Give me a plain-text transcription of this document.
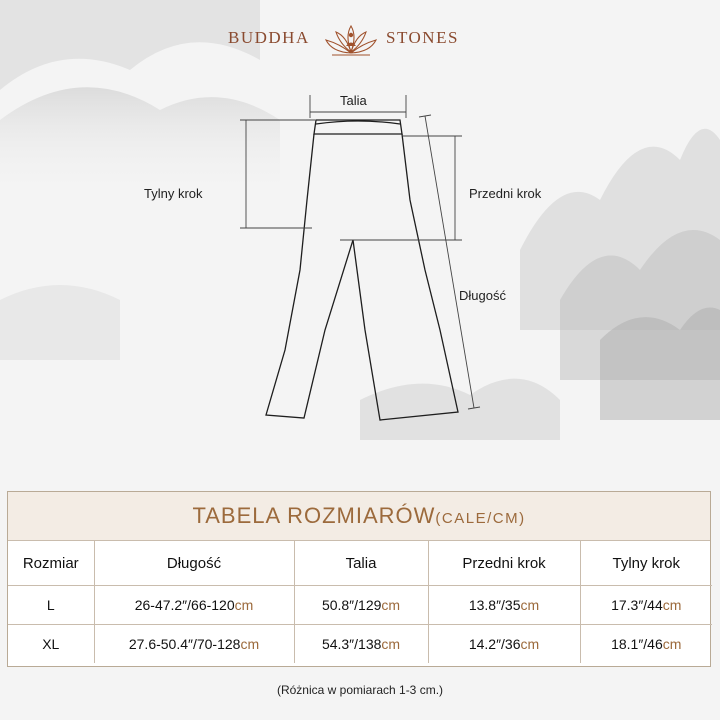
BUDDHA	STONES
Talia
Tylny krok	Przedni krok
Długość
TABELA ROZMIARÓW(CALE/CM)
Rozmiar	Długość	Talia	Przedni krok	Tylny krok
L	26-47.2″/66-120cm	50.8″/129cm	13.8″/35cm	17.3″/44cm
XL	27.6-50.4″/70-128cm	54.3″/138cm	14.2″/36cm	18.1″/46cm
(Różnica w pomiarach 1-3 cm.)
